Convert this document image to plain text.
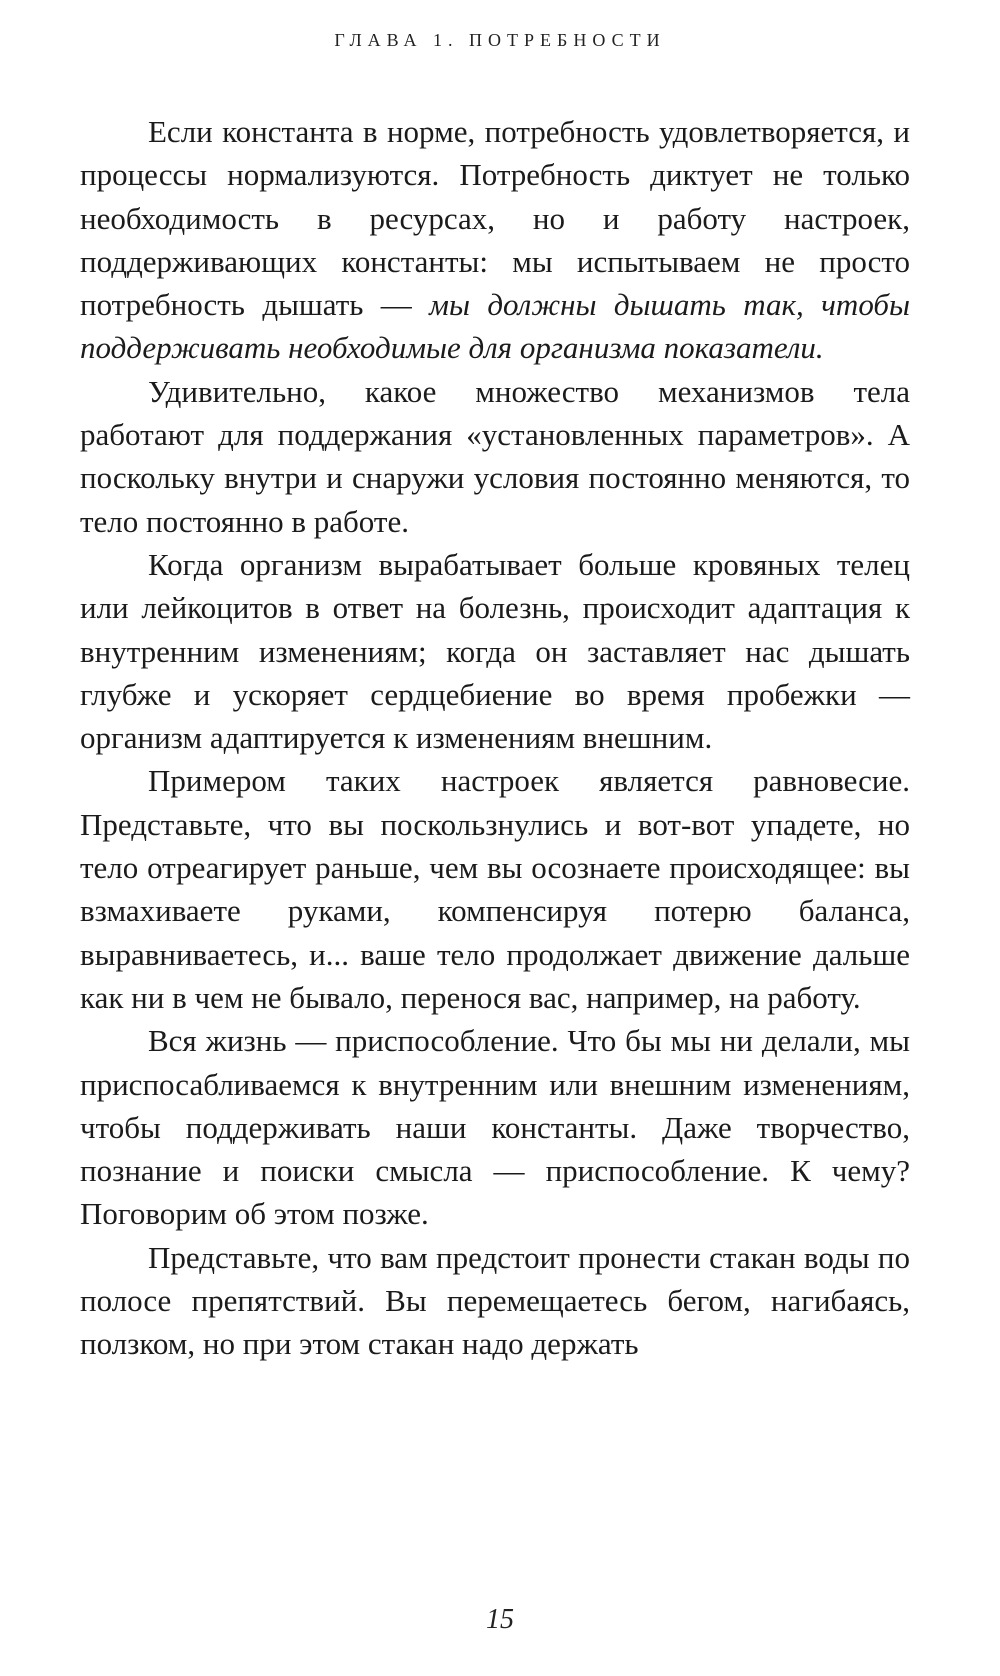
ГЛАВА 1. ПОТРЕБНОСТИ

Если константа в норме, потребность удовлетворяется, и процессы нормализуются. Потребность диктует не только необходимость в ресурсах, но и работу настроек, поддерживающих константы: мы испытываем не просто потребность дышать — мы должны дышать так, чтобы поддерживать необходимые для организма показатели.

Удивительно, какое множество механизмов тела работают для поддержания «установленных параметров». А поскольку внутри и снаружи условия постоянно меняются, то тело постоянно в работе.

Когда организм вырабатывает больше кровяных телец или лейкоцитов в ответ на болезнь, происходит адаптация к внутренним изменениям; когда он заставляет нас дышать глубже и ускоряет сердцебиение во время пробежки — организм адаптируется к изменениям внешним.

Примером таких настроек является равновесие. Представьте, что вы поскользнулись и вот-вот упадете, но тело отреагирует раньше, чем вы осознаете происходящее: вы взмахиваете руками, компенсируя потерю баланса, выравниваетесь, и... ваше тело продолжает движение дальше как ни в чем не бывало, перенося вас, например, на работу.

Вся жизнь — приспособление. Что бы мы ни делали, мы приспосабливаемся к внутренним или внешним изменениям, чтобы поддерживать наши константы. Даже творчество, познание и поиски смысла — приспособление. К чему? Поговорим об этом позже.

Представьте, что вам предстоит пронести стакан воды по полосе препятствий. Вы перемещаетесь бегом, нагибаясь, ползком, но при этом стакан надо держать

15
